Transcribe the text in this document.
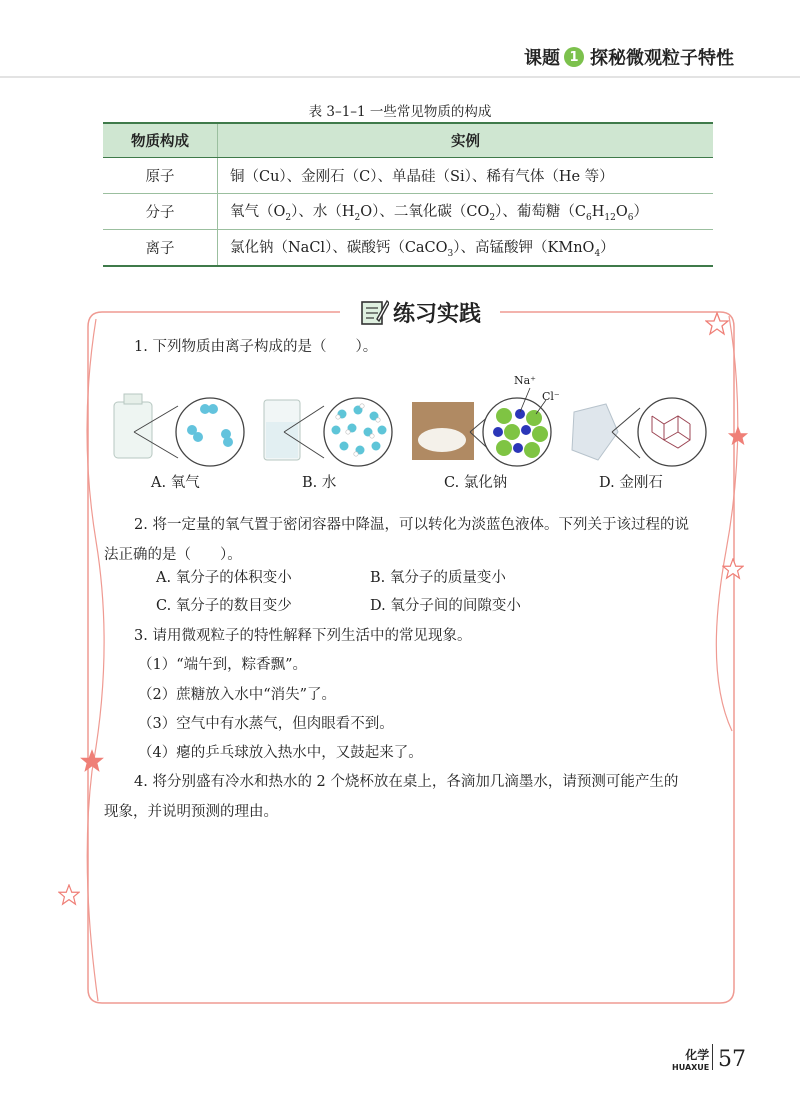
课题 1 探秘微观粒子特性
表 3–1–1 一些常见物质的构成
物质构成	实例
原子	铜（Cu）、金刚石（C）、单晶硅（Si）、稀有气体（He 等）
分子	氧气$(O_2)$、水$(H_2O)$、二氧化碳$(CO_2)$、葡萄糖$(C_6H_{12}O_6)$
离子	氯化钠（NaCl）、碳酸钙（CaCO$_3$）、高锰酸钾（KMnO$_4$）
练习实践
1. 下列物质由离子构成的是（　　）。
Na⁺
Cl⁻
A. 氧气	B. 水	C. 氯化钠	D. 金刚石
2. 将一定量的氧气置于密闭容器中降温，可以转化为淡蓝色液体。下列关于该过程的说法正确的是（　　）。
A. 氧分子的体积变小	B. 氧分子的质量变小
C. 氧分子的数目变少	D. 氧分子间的间隙变小
3. 请用微观粒子的特性解释下列生活中的常见现象。
（1）“端午到，粽香飘”。
（2）蔗糖放入水中“消失”了。
（3）空气中有水蒸气，但肉眼看不到。
（4）瘪的乒乓球放入热水中，又鼓起来了。
4. 将分别盛有冷水和热水的 2 个烧杯放在桌上，各滴加几滴墨水，请预测可能产生的现象，并说明预测的理由。
化学
HUAXUE 57
